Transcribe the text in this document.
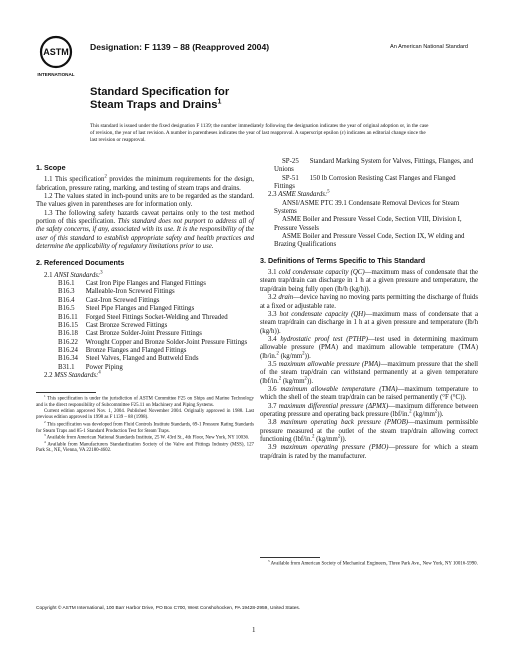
ASTM
INTERNATIONAL
Designation: F 1139 – 88 (Reapproved 2004)	An American National Standard
Standard Specification for
Steam Traps and Drains$^1$
This standard is issued under the fixed designation F 1139; the number immediately following the designation indicates the year of original adoption or, in the case of revision, the year of last revision. A number in parentheses indicates the year of last reapproval. A superscript epsilon (ε) indicates an editorial change since the last revision or reapproval.
1. Scope

1.1 This specification$^2$ provides the minimum requirements for the design, fabrication, pressure rating, marking, and testing of steam traps and drains.

1.2 The values stated in inch-pound units are to be regarded as the standard. The values given in parentheses are for information only.

1.3 The following safety hazards caveat pertains only to the test method portion of this specification. This standard does not purport to address all of the safety concerns, if any, associated with its use. It is the responsibility of the user of this standard to establish appropriate safety and health practices and determine the applicability of regulatory limitations prior to use.

2. Referenced Documents

2.1 ANSI Standards:$^3$

B16.1 Cast Iron Pipe Flanges and Flanged Fittings

B16.3 Malleable-Iron Screwed Fittings

B16.4 Cast-Iron Screwed Fittings

B16.5 Steel Pipe Flanges and Flanged Fittings

B16.11 Forged Steel Fittings Socket-Welding and Threaded

B16.15 Cast Bronze Screwed Fittings

B16.18 Cast Bronze Solder-Joint Pressure Fittings

B16.22 Wrought Copper and Bronze Solder-Joint Pressure Fittings

B16.24 Bronze Flanges and Flanged Fittings

B16.34 Steel Valves, Flanged and Buttweld Ends

B31.1 Power Piping

2.2 MSS Standards:$^4$

$^1$ This specification is under the jurisdiction of ASTM Committee F25 on Ships and Marine Technology and is the direct responsibility of Subcommittee F25.11 on Machinery and Piping Systems.

Current edition approved Nov. 1, 2004. Published November 2004. Originally approved in 1988. Last previous edition approved in 1998 as F 1139 – 88 (1998).

$^2$ This specification was developed from Fluid Controls Institute Standards, 69-1 Pressure Rating Standards for Steam Traps and 85-1 Standard Production Test for Steam Traps.

$^3$ Available from American National Standards Institute, 25 W. 43rd St., 4th Floor, New York, NY 10036.

$^4$ Available from Manufacturers Standardization Society of the Valve and Fittings Industry (MSS), 127 Park St., NE, Vienna, VA 22180-4602.

SP-25 Standard Marking System for Valves, Fittings, Flanges, and Unions

SP-51 150 lb Corrosion Resisting Cast Flanges and Flanged Fittings

2.3 ASME Standards:$^5$

ANSI/ASME PTC 39.1 Condensate Removal Devices for Steam Systems

ASME Boiler and Pressure Vessel Code, Section VIII, Division I, Pressure Vessels

ASME Boiler and Pressure Vessel Code, Section IX, W elding and Brazing Qualifications

3. Definitions of Terms Specific to This Standard

3.1 cold condensate capacity (QC)—maximum mass of condensate that the steam trap/drain can discharge in 1 h at a given pressure and temperature, the trap/drain being fully open (lb/h (kg/h)).

3.2 drain—device having no moving parts permitting the discharge of fluids at a fixed or adjustable rate.

3.3 hot condensate capacity (QH)—maximum mass of condensate that a steam trap/drain can discharge in 1 h at a given pressure and temperature (lb/h (kg/h)).

3.4 hydrostatic proof test (PTHP)—test used in determining maximum allowable pressure (PMA) and maximum allowable temperature (TMA) (lb/in.$^2$ $(kg/mm^2)$).

3.5 maximum allowable pressure (PMA)—maximum pressure that the shell of the steam trap/drain can withstand permanently at a given temperature (lbf/in.$^2$ $(kg/mm^2)$).

3.6 maximum allowable temperature (TMA)—maximum temperature to which the shell of the steam trap/drain can be raised permanently (°F (°C)).

3.7 maximum differential pressure (ΔPMX)—maximum difference between operating pressure and operating back pressure (lbf/in.$^2$ $(kg/mm^2)$).

3.8 maximum operating back pressure (PMOB)—maximum permissible pressure measured at the outlet of the steam trap/drain allowing correct functioning (lbf/in.$^2$ $(kg/mm^2)$).

3.9 maximum operating pressure (PMO)—pressure for which a steam trap/drain is rated by the manufacturer.

$^5$ Available from American Society of Mechanical Engineers, Three Park Ave., New York, NY 10016-5990.

Copyright © ASTM International, 100 Barr Harbor Drive, PO Box C700, West Conshohocken, PA 19428-2959, United States.
1
